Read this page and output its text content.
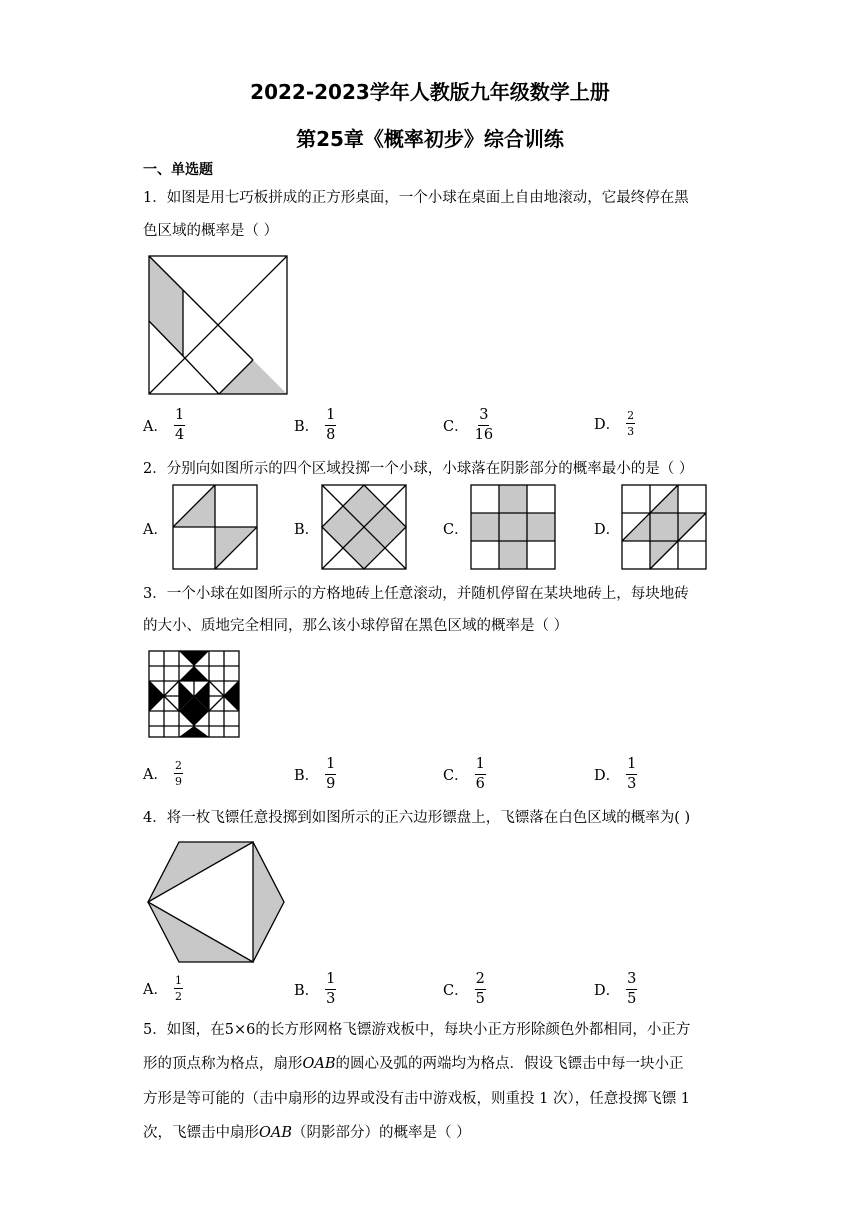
2022-2023学年人教版九年级数学上册
第25章《概率初步》综合训练
一、单选题
1．如图是用七巧板拼成的正方形桌面，一个小球在桌面上自由地滚动，它最终停在黑
色区域的概率是（ ）
A． $\frac{1}{4}$	B． $\frac{1}{8}$	C． $\frac{3}{16}$	D． $\frac{2}{3}$
2．分别向如图所示的四个区域投掷一个小球，小球落在阴影部分的概率最小的是（ ）
A．	B．	C．	D．
3．一个小球在如图所示的方格地砖上任意滚动，并随机停留在某块地砖上，每块地砖
的大小、质地完全相同，那么该小球停留在黑色区域的概率是（ ）
A． $\frac{2}{9}$	B． $\frac{1}{9}$	C． $\frac{1}{6}$	D． $\frac{1}{3}$
4．将一枚飞镖任意投掷到如图所示的正六边形镖盘上，飞镖落在白色区域的概率为( )
A． $\frac{1}{2}$	B． $\frac{1}{3}$	C． $\frac{2}{5}$	D． $\frac{3}{5}$
5．如图，在5×6的长方形网格飞镖游戏板中，每块小正方形除颜色外都相同，小正方
形的顶点称为格点，扇形OAB的圆心及弧的两端均为格点．假设飞镖击中每一块小正
方形是等可能的（击中扇形的边界或没有击中游戏板，则重投 1 次），任意投掷飞镖 1
次，飞镖击中扇形OAB（阴影部分）的概率是（ ）
